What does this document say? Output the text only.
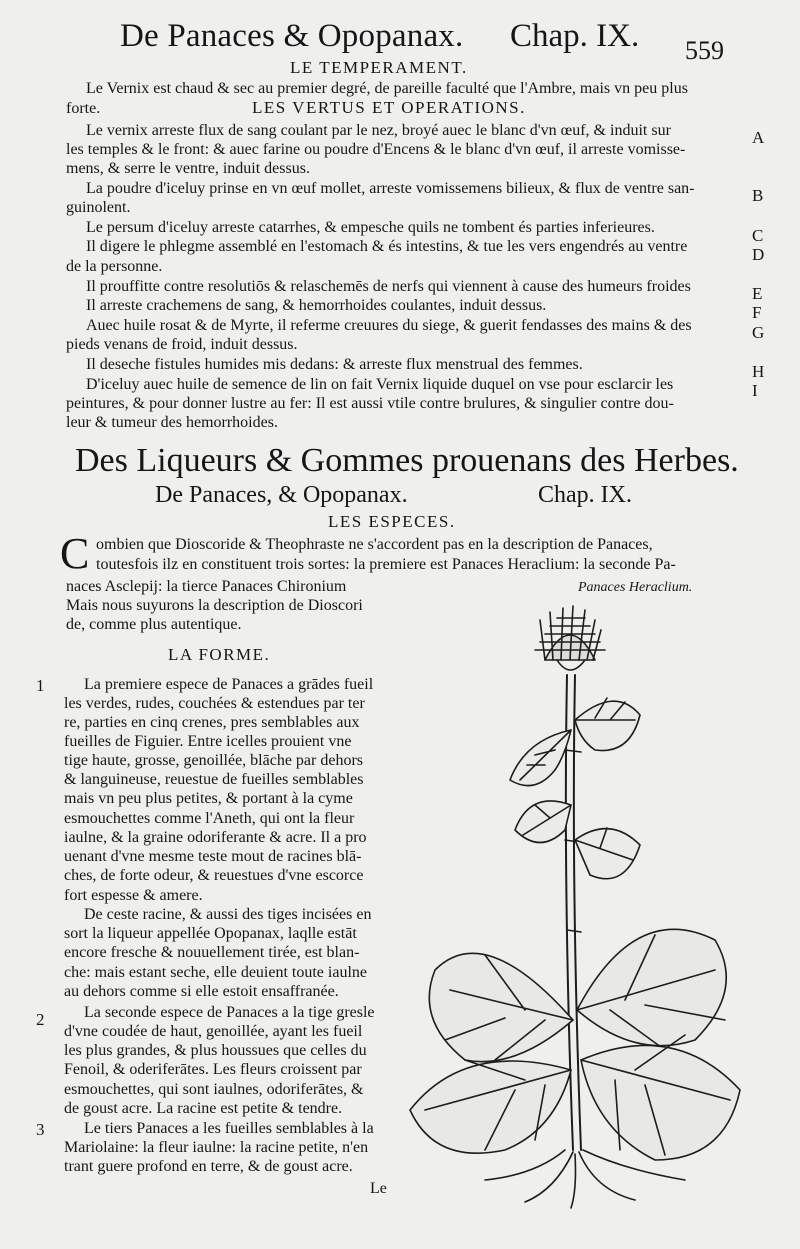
De Panaces & Opopanax. Chap. IX. 559
LE TEMPERAMENT.
Le Vernix est chaud & sec au premier degré, de pareille faculté que l'Ambre, mais vn peu plus
forte.	LES VERTUS ET OPERATIONS.
Le vernix arreste flux de sang coulant par le nez, broyé auec le blanc d'vn œuf, & induit sur
les temples & le front: & auec farine ou poudre d'Encens & le blanc d'vn œuf, il arreste vomisse-
mens, & serre le ventre, induit dessus.
La poudre d'iceluy prinse en vn œuf mollet, arreste vomissemens bilieux, & flux de ventre san-
guinolent.
Le persum d'iceluy arreste catarrhes, & empesche quils ne tombent és parties inferieures.
Il digere le phlegme assemblé en l'estomach & és intestins, & tue les vers engendrés au ventre
de la personne.
Il prouffitte contre resolutiōs & relaschemēs de nerfs qui viennent à cause des humeurs froides
Il arreste crachemens de sang, & hemorrhoides coulantes, induit dessus.
Auec huile rosat & de Myrte, il referme creuures du siege, & guerit fendasses des mains & des
pieds venans de froid, induit dessus.
Il deseche fistules humides mis dedans: & arreste flux menstrual des femmes.
D'iceluy auec huile de semence de lin on fait Vernix liquide duquel on vse pour esclarcir les
peintures, & pour donner lustre au fer: Il est aussi vtile contre brulures, & singulier contre dou-
leur & tumeur des hemorrhoides.
A
B
C
D
E
F
G
H
I
Des Liqueurs & Gommes prouenans des Herbes.
De Panaces, & Opopanax.	Chap. IX.
LES ESPECES.
C ombien que Dioscoride & Theophraste ne s'accordent pas en la description de Panaces,
toutesfois ilz en constituent trois sortes: la premiere est Panaces Heraclium: la seconde Pa-
naces Asclepij: la tierce Panaces Chironium
Mais nous suyurons la description de Dioscori
de, comme plus autentique.
Panaces Heraclium.
LA FORME.
1
2
3
La premiere espece de Panaces a grādes fueil
les verdes, rudes, couchées & estendues par ter
re, parties en cinq crenes, pres semblables aux
fueilles de Figuier. Entre icelles prouient vne
tige haute, grosse, genoillée, blāche par dehors
& languineuse, reuestue de fueilles semblables
mais vn peu plus petites, & portant à la cyme
esmouchettes comme l'Aneth, qui ont la fleur
iaulne, & la graine odoriferante & acre. Il a pro
uenant d'vne mesme teste mout de racines blā-
ches, de forte odeur, & reuestues d'vne escorce
fort espesse & amere.
De ceste racine, & aussi des tiges incisées en
sort la liqueur appellée Opopanax, laqlle estāt
encore fresche & nouuellement tirée, est blan-
che: mais estant seche, elle deuient toute iaulne
au dehors comme si elle estoit ensaffranée.
La seconde espece de Panaces a la tige gresle
d'vne coudée de haut, genoillée, ayant les fueil
les plus grandes, & plus houssues que celles du
Fenoil, & oderiferātes. Les fleurs croissent par
esmouchettes, qui sont iaulnes, odoriferātes, &
de goust acre. La racine est petite & tendre.
Le tiers Panaces a les fueilles semblables à la
Mariolaine: la fleur iaulne: la racine petite, n'en
trant guere profond en terre, & de goust acre.
Le
